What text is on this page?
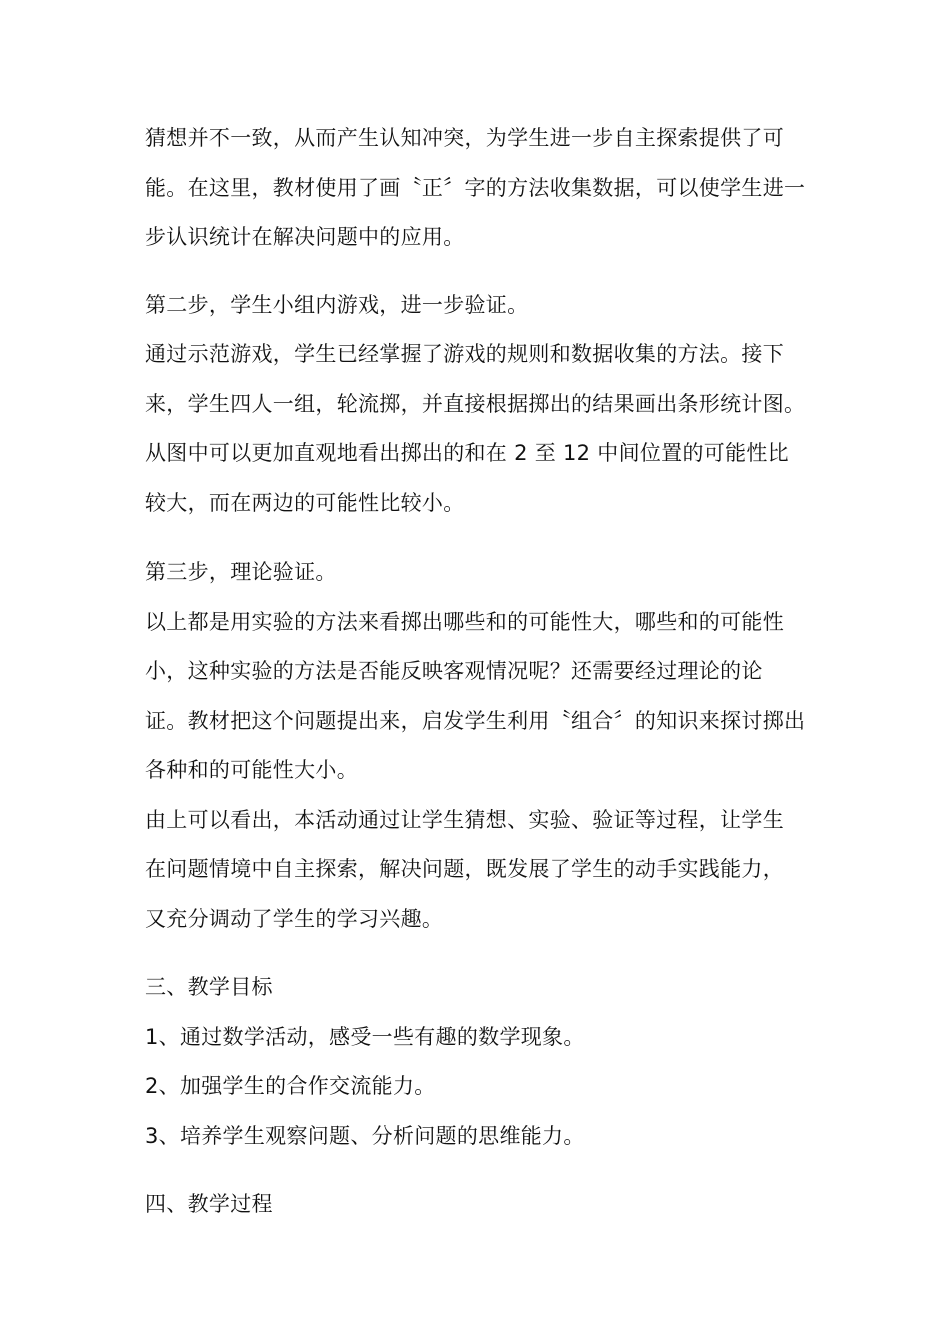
猜想并不一致，从而产生认知冲突，为学生进一步自主探索提供了可

能。在这里，教材使用了画〝正〞字的方法收集数据，可以使学生进一

步认识统计在解决问题中的应用。

第二步，学生小组内游戏，进一步验证。

通过示范游戏，学生已经掌握了游戏的规则和数据收集的方法。接下

来，学生四人一组，轮流掷，并直接根据掷出的结果画出条形统计图。

从图中可以更加直观地看出掷出的和在 2 至 12 中间位置的可能性比

较大，而在两边的可能性比较小。

第三步，理论验证。

以上都是用实验的方法来看掷出哪些和的可能性大，哪些和的可能性

小，这种实验的方法是否能反映客观情况呢？还需要经过理论的论

证。教材把这个问题提出来，启发学生利用〝组合〞的知识来探讨掷出

各种和的可能性大小。

由上可以看出，本活动通过让学生猜想、实验、验证等过程，让学生

在问题情境中自主探索，解决问题，既发展了学生的动手实践能力，

又充分调动了学生的学习兴趣。

三、教学目标

1、通过数学活动，感受一些有趣的数学现象。

2、加强学生的合作交流能力。

3、培养学生观察问题、分析问题的思维能力。

四、教学过程
